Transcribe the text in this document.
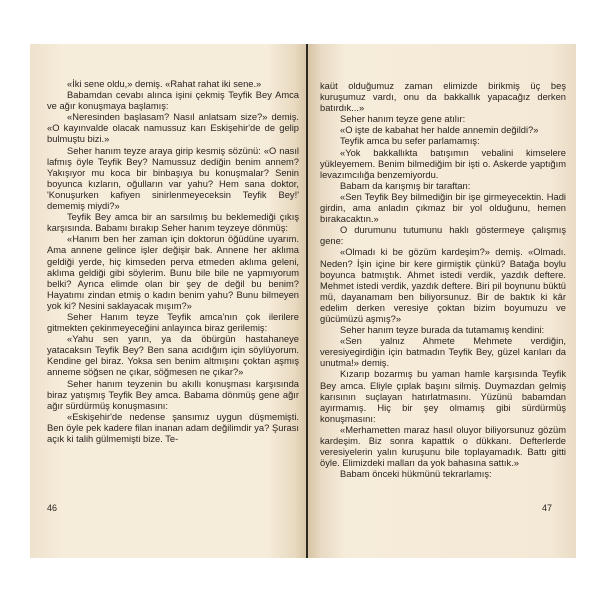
«İki sene oldu,» demiş. «Rahat rahat iki sene.»

Babamdan cevabı alınca işini çekmiş Teyfik Bey Amca ve ağır konuşmaya başlamış:

«Neresinden başlasam? Nasıl anlatsam size?» demiş. «O kayınvalde olacak namussuz karı Eskişehir'de de gelip bulmuştu bizi.»

Seher hanım teyze araya girip kesmiş sözünü: «O nasıl lafmış öyle Teyfik Bey? Namussuz dediğin benim annem? Yakışıyor mu koca bir binbaşıya bu konuşmalar? Senin boyunca kızların, oğulların var yahu? Hem sana doktor, 'Konuşurken kafiyen sinirlenmeyeceksin Teyfik Bey!' dememiş miydi?»

Teyfik Bey amca bir an sarsılmış bu beklemediği çıkış karşısında. Babamı bırakıp Seher hanım teyzeye dönmüş:

«Hanım ben her zaman için doktorun öğüdüne uyarım. Ama annene gelince işler değişir bak. Annene her aklıma geldiği yerde, hiç kimseden pervа etmeden aklıma geleni, aklıma geldiği gibi söylerim. Bunu bile bile ne yapmıyorum belki? Ayrıca elimde olan bir şey de değil bu benim? Hayatımı zindan etmiş o kadın benim yahu? Bunu bilmeyen yok ki? Nesini saklayacak mışım?»

Seher Hanım teyze Teyfik amca'nın çok ilerilere gitmekten çekinmeyeceğini anlayınca biraz gerilemiş:

«Yahu sen yarın, ya da öbürgün hastahaneye yatacaksın Teyfik Bey? Ben sana acıdığım için söylüyorum. Kendine gel biraz. Yoksa sen benim altmışını çoktan aşmış anneme söğsen ne çıkar, söğmesen ne çıkar?»

Seher hanım teyzenin bu akıllı konuşması karşısında biraz yatışmış Teyfik Bey amca. Babama dönmüş gene ağır ağır sürdürmüş konuşmasını:

«Eskişehir'de nedense şansımız uygun düşmemişti. Ben öyle pek kadere filan inanan adam değilimdir ya? Şurası açık ki talih gülmemişti bize. Te-

46

kaüt olduğumuz zaman elimizde birikmiş üç beş kuruşumuz vardı, onu da bakkallık yapacağız derken batırdık...»

Seher hanım teyze gene atılır:

«O işte de kabahat her halde annemin değildi?»

Teyfik amca bu sefer parlamamış:

«Yok bakkallıkta batışımın vebalini kimselere yükleyemem. Benim bilmediğim bir işti o. Askerde yaptığım levazımcılığa benzemiyordu.

Babam da karışmış bir taraftan:

«Sen Teyfik Bey bilmediğin bir işe girmeyecektin. Hadi girdin, ama anladın çıkmaz bir yol olduğunu, hemen bırakacaktın.»

O durumunu tutumunu haklı göstermeye çalışmış gene:

«Olmadı ki be gözüm kardeşim?» demiş. «Olmadı. Neden? İşin içine bir kere girmiştik çünkü? Batağa boylu boyunca batmıştık. Ahmet istedi verdik, yazdık deftere. Mehmet istedi verdik, yazdık deftere. Birі pil boynunu büktü mü, dayanamam ben biliyorsunuz. Bir de baktık ki kâr edelim derken veresiye çoktan bizim boyumuzu ve gücümüzü aşmış?»

Seher hanım teyze burada da tutamamış kendini:

«Sen yalnız Ahmete Mehmete verdiğin, veresiyegirdiğin için batmadın Teyfik Bey, güzel karıları da unutma!» demiş.

Kızarıp bozarmış bu yaman hamle karşısında Teyfik Bey amca. Eliyle çıplak başını silmiş. Duymazdan gelmiş karısının suçlayan hatırlatmasını. Yüzünü babamdan ayırmamış. Hiç bir şey olmamış gibi sürdürmüş konuşmasını:

«Merhametten maraz hasıl oluyor biliyorsunuz gözüm kardeşim. Biz sonra kapattık o dükkanı. Defterlerde veresiyelerin yalın kuruşunu bile toplayamadık. Battı gitti öyle. Elimizdeki malları da yok bahasına sattık.»

Babam önceki hükmünü tekrarlamış:

47
